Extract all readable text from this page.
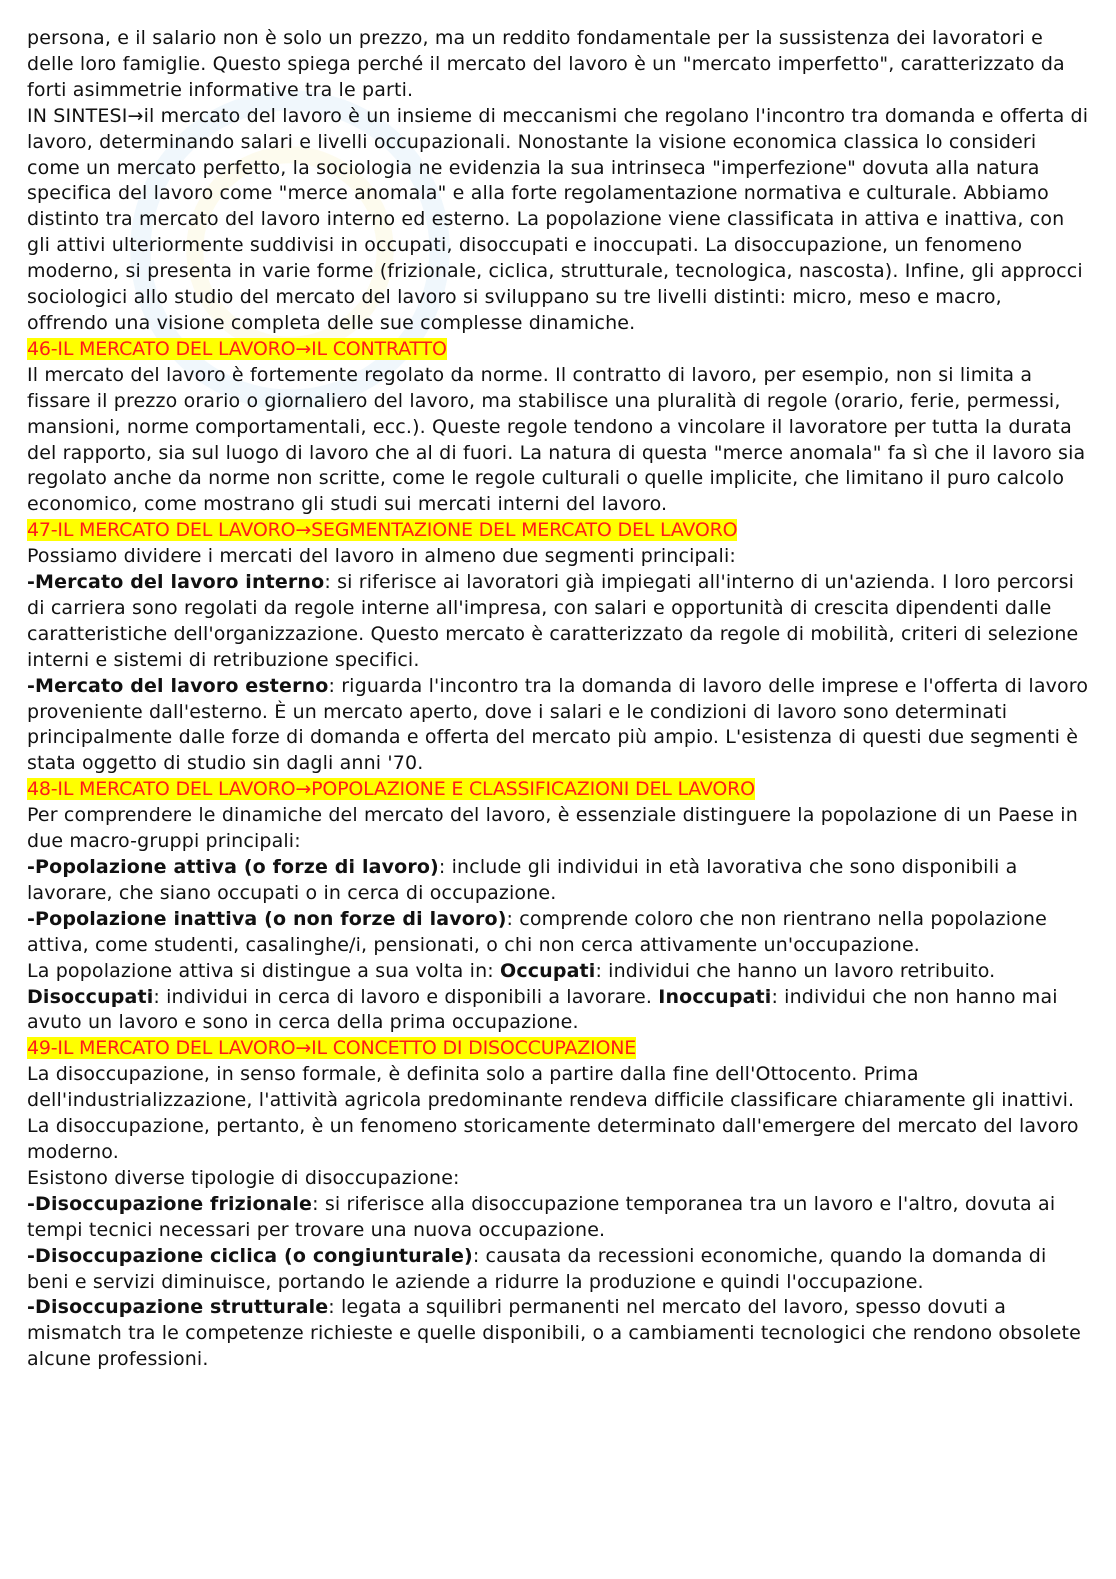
persona, e il salario non è solo un prezzo, ma un reddito fondamentale per la sussistenza dei lavoratori e delle loro famiglie. Questo spiega perché il mercato del lavoro è un "mercato imperfetto", caratterizzato da forti asimmetrie informative tra le parti.

IN SINTESI→il mercato del lavoro è un insieme di meccanismi che regolano l'incontro tra domanda e offerta di lavoro, determinando salari e livelli occupazionali. Nonostante la visione economica classica lo consideri come un mercato perfetto, la sociologia ne evidenzia la sua intrinseca "imperfezione" dovuta alla natura specifica del lavoro come "merce anomala" e alla forte regolamentazione normativa e culturale. Abbiamo distinto tra mercato del lavoro interno ed esterno. La popolazione viene classificata in attiva e inattiva, con gli attivi ulteriormente suddivisi in occupati, disoccupati e inoccupati. La disoccupazione, un fenomeno moderno, si presenta in varie forme (frizionale, ciclica, strutturale, tecnologica, nascosta). Infine, gli approcci sociologici allo studio del mercato del lavoro si sviluppano su tre livelli distinti: micro, meso e macro, offrendo una visione completa delle sue complesse dinamiche.

46-IL MERCATO DEL LAVORO→IL CONTRATTO

Il mercato del lavoro è fortemente regolato da norme. Il contratto di lavoro, per esempio, non si limita a fissare il prezzo orario o giornaliero del lavoro, ma stabilisce una pluralità di regole (orario, ferie, permessi, mansioni, norme comportamentali, ecc.). Queste regole tendono a vincolare il lavoratore per tutta la durata del rapporto, sia sul luogo di lavoro che al di fuori. La natura di questa "merce anomala" fa sì che il lavoro sia regolato anche da norme non scritte, come le regole culturali o quelle implicite, che limitano il puro calcolo economico, come mostrano gli studi sui mercati interni del lavoro.

47-IL MERCATO DEL LAVORO→SEGMENTAZIONE DEL MERCATO DEL LAVORO

Possiamo dividere i mercati del lavoro in almeno due segmenti principali:

-Mercato del lavoro interno: si riferisce ai lavoratori già impiegati all'interno di un'azienda. I loro percorsi di carriera sono regolati da regole interne all'impresa, con salari e opportunità di crescita dipendenti dalle caratteristiche dell'organizzazione. Questo mercato è caratterizzato da regole di mobilità, criteri di selezione interni e sistemi di retribuzione specifici.

-Mercato del lavoro esterno: riguarda l'incontro tra la domanda di lavoro delle imprese e l'offerta di lavoro proveniente dall'esterno. È un mercato aperto, dove i salari e le condizioni di lavoro sono determinati principalmente dalle forze di domanda e offerta del mercato più ampio. L'esistenza di questi due segmenti è stata oggetto di studio sin dagli anni '70.

48-IL MERCATO DEL LAVORO→POPOLAZIONE E CLASSIFICAZIONI DEL LAVORO

Per comprendere le dinamiche del mercato del lavoro, è essenziale distinguere la popolazione di un Paese in due macro-gruppi principali:

-Popolazione attiva (o forze di lavoro): include gli individui in età lavorativa che sono disponibili a lavorare, che siano occupati o in cerca di occupazione.

-Popolazione inattiva (o non forze di lavoro): comprende coloro che non rientrano nella popolazione attiva, come studenti, casalinghe/i, pensionati, o chi non cerca attivamente un'occupazione.

La popolazione attiva si distingue a sua volta in: Occupati: individui che hanno un lavoro retribuito. Disoccupati: individui in cerca di lavoro e disponibili a lavorare. Inoccupati: individui che non hanno mai avuto un lavoro e sono in cerca della prima occupazione.

49-IL MERCATO DEL LAVORO→IL CONCETTO DI DISOCCUPAZIONE

La disoccupazione, in senso formale, è definita solo a partire dalla fine dell'Ottocento. Prima dell'industrializzazione, l'attività agricola predominante rendeva difficile classificare chiaramente gli inattivi. La disoccupazione, pertanto, è un fenomeno storicamente determinato dall'emergere del mercato del lavoro moderno.

Esistono diverse tipologie di disoccupazione:

-Disoccupazione frizionale: si riferisce alla disoccupazione temporanea tra un lavoro e l'altro, dovuta ai tempi tecnici necessari per trovare una nuova occupazione.

-Disoccupazione ciclica (o congiunturale): causata da recessioni economiche, quando la domanda di beni e servizi diminuisce, portando le aziende a ridurre la produzione e quindi l'occupazione.

-Disoccupazione strutturale: legata a squilibri permanenti nel mercato del lavoro, spesso dovuti a mismatch tra le competenze richieste e quelle disponibili, o a cambiamenti tecnologici che rendono obsolete alcune professioni.
